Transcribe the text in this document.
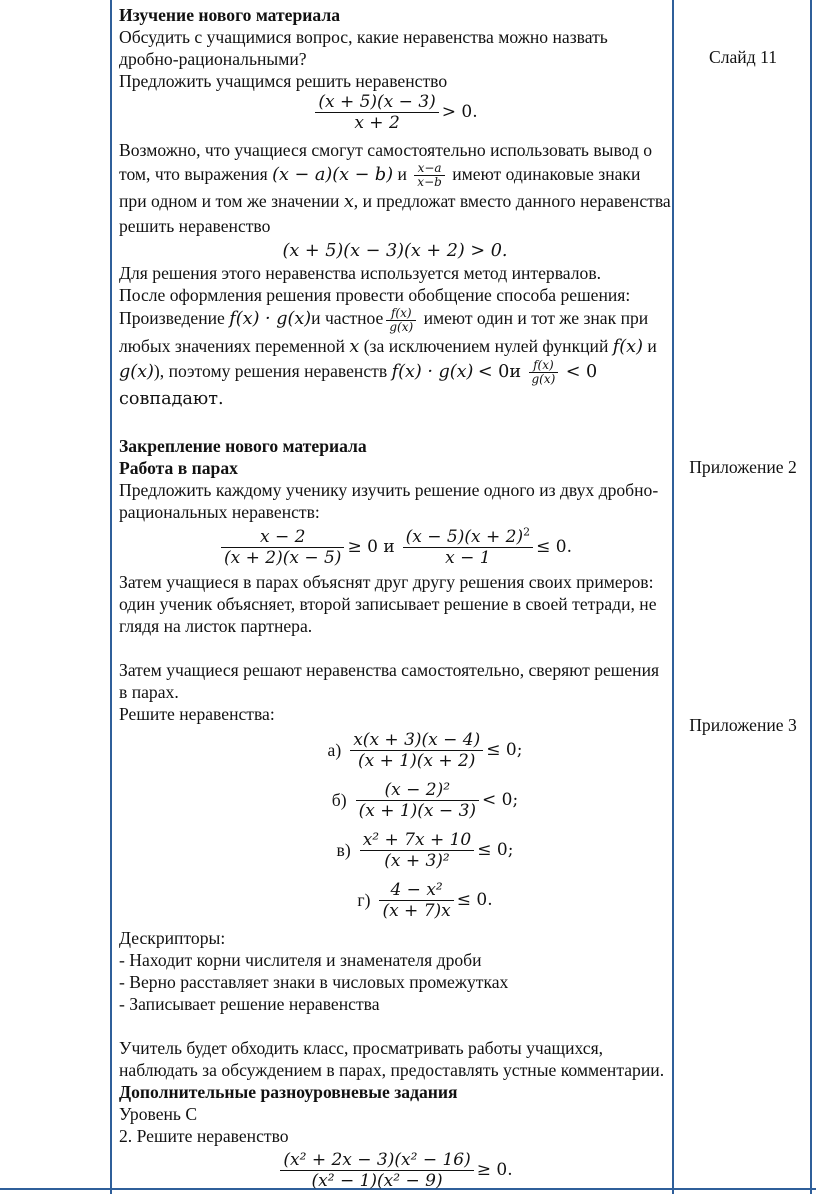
Слайд 11
Приложение 2
Приложение 3

Изучение нового материала

Обсудить с учащимися вопрос, какие неравенства можно назвать дробно-рациональными?

Предложить учащимся решить неравенство

$\frac{(x + 5)(x - 3)}{x + 2} > 0$.

Возможно, что учащиеся смогут самостоятельно использовать вывод о том, что выражения (x − a)(x − b) и $\frac{x-a}{x-b}$ имеют одинаковые знаки при одном и том же значении x, и предложат вместо данного неравенства решить неравенство

(x + 5)(x − 3)(x + 2) > 0.

Для решения этого неравенства используется метод интервалов.

После оформления решения провести обобщение способа решения:

Произведение f(x) · g(x)и частное $\frac{f(x)}{g(x)}$ имеют один и тот же знак при любых значениях переменной x (за исключением нулей функций f(x) и g(x)), поэтому решения неравенств $f(x) \cdot g(x) < 0и \frac{f(x)}{g(x)} < 0$ совпадают.

Закрепление нового материала

Работа в парах

Предложить каждому ученику изучить решение одного из двух дробно-рациональных неравенств:

$\frac{x - 2}{(x + 2)(x - 5)} \ge 0$ и $\frac{(x - 5)(x + 2)^2}{x - 1} \le 0$.

Затем учащиеся в парах объяснят друг другу решения своих примеров: один ученик объясняет, второй записывает решение в своей тетради, не глядя на листок партнера.

Затем учащиеся решают неравенства самостоятельно, сверяют решения в парах.

Решите неравенства:

$а) \frac{x(x + 3)(x - 4)}{(x + 1)(x + 2)} \le 0$;
$б) \frac{\text{(x − 2)²}}{(x + 1)(x - 3)} < 0$;
$в) \frac{\text{x² + 7x + 10}}{\text{(x + 3)²}} \le 0$;
$г) \frac{\text{4 − x²}}{(x + 7)x} \le 0$.

Дескрипторы:

- Находит корни числителя и знаменателя дроби

- Верно расставляет знаки в числовых промежутках

- Записывает решение неравенства

Учитель будет обходить класс, просматривать работы учащихся, наблюдать за обсуждением в парах, предоставлять устные комментарии.

Дополнительные разноуровневые задания

Уровень С

2. Решите неравенство

$\frac{\text{(x² + 2x − 3)(x² − 16)}}{\text{(x² − 1)(x² − 9)}} \ge 0$.
